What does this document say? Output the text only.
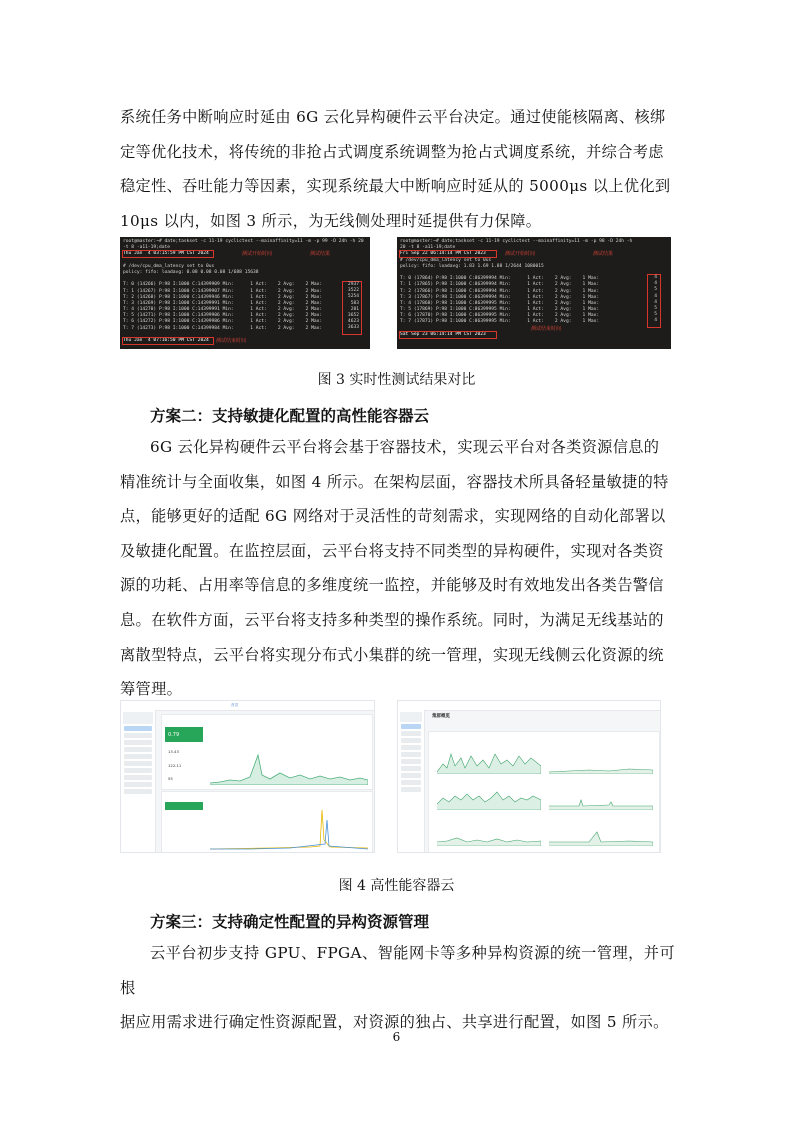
系统任务中断响应时延由 6G 云化异构硬件云平台决定。通过使能核隔离、核绑
定等优化技术，将传统的非抢占式调度系统调整为抢占式调度系统，并综合考虑
稳定性、吞吐能力等因素，实现系统最大中断响应时延从的 5000μs 以上优化到
10μs 以内，如图 3 所示，为无线侧处理时延提供有力保障。
root@master:~# date;taskset -c 11-19 cyclictest --mainaffinity=11 -m -p 99 -D 24h -h 20
-t 8 -a11-19;date
Thu Jan  4 03:15:59 PM CST 2024

# /dev/cpu_dma_latency set to 0us
policy: fifo: loadavg: 0.08 0.08 0.08 1/688 15638

T: 0 (14266) P:98 I:1000 C:14399909 Min:      1 Act:    2 Avg:    2 Max:
T: 1 (14267) P:98 I:1000 C:14399907 Min:      1 Act:    2 Avg:    2 Max:
T: 2 (14268) P:98 I:1000 C:14399946 Min:      1 Act:    2 Avg:    2 Max:
T: 3 (14269) P:98 I:1000 C:14399991 Min:      1 Act:    2 Avg:    2 Max:
T: 4 (14270) P:98 I:1000 C:14399991 Min:      1 Act:    2 Avg:    2 Max:
T: 5 (14271) P:98 I:1000 C:14399906 Min:      1 Act:    2 Avg:    2 Max:
T: 6 (14272) P:98 I:1000 C:14399986 Min:      1 Act:    2 Avg:    2 Max:
T: 7 (14273) P:98 I:1000 C:14399984 Min:      1 Act:    2 Avg:    2 Max:

Thu Jan  4 07:16:50 PM CST 2024
测试开始时间	测试结果
2937
3522
5254
583
281
3652
4623
3633
测试结束时间
root@master:~# date;taskset -c 11-19 cyclictest --mainaffinity=11 -m -p 98 -D 24h -h
20 -t 8 -a11-19;date
Fri Sep 22 06:14:14 PM CST 2023
# /dev/cpu_dma_latency set to 0us
policy: fifo: loadavg: 1.83 1.69 1.88 1/2644 1080015

T: 0 (17864) P:98 I:1000 C:86399994 Min:      1 Act:    2 Avg:    1 Max:
T: 1 (17865) P:98 I:1000 C:86399994 Min:      1 Act:    2 Avg:    1 Max:
T: 2 (17866) P:98 I:1000 C:86399994 Min:      1 Act:    2 Avg:    1 Max:
T: 3 (17867) P:98 I:1000 C:86399994 Min:      1 Act:    2 Avg:    1 Max:
T: 4 (17868) P:98 I:1000 C:86399995 Min:      1 Act:    2 Avg:    1 Max:
T: 5 (17869) P:98 I:1000 C:86399995 Min:      1 Act:    2 Avg:    1 Max:
T: 6 (17870) P:98 I:1000 C:86399995 Min:      1 Act:    2 Avg:    1 Max:
T: 7 (17871) P:98 I:1000 C:86399995 Min:      1 Act:    2 Avg:    1 Max:

Sat Sep 23 06:14:14 PM CST 2023
测试开始时间	测试结果
4
4
5
4
4
5
5
4
测试结束时间
图 3 实时性测试结果对比
方案二：支持敏捷化配置的高性能容器云
6G 云化异构硬件云平台将会基于容器技术，实现云平台对各类资源信息的
精准统计与全面收集，如图 4 所示。在架构层面，容器技术所具备轻量敏捷的特
点，能够更好的适配 6G 网络对于灵活性的苛刻需求，实现网络的自动化部署以
及敏捷化配置。在监控层面，云平台将支持不同类型的异构硬件，实现对各类资
源的功耗、占用率等信息的多维度统一监控，并能够及时有效地发出各类告警信
息。在软件方面，云平台将支持多种类型的操作系统。同时，为满足无线基站的
离散型特点，云平台将实现分布式小集群的统一管理，实现无线侧云化资源的统
筹管理。
首页
0.79
13.43
122.11
55
集群概览
图 4 高性能容器云
方案三：支持确定性配置的异构资源管理
云平台初步支持 GPU、FPGA、智能网卡等多种异构资源的统一管理，并可根
据应用需求进行确定性资源配置，对资源的独占、共享进行配置，如图 5 所示。
6
